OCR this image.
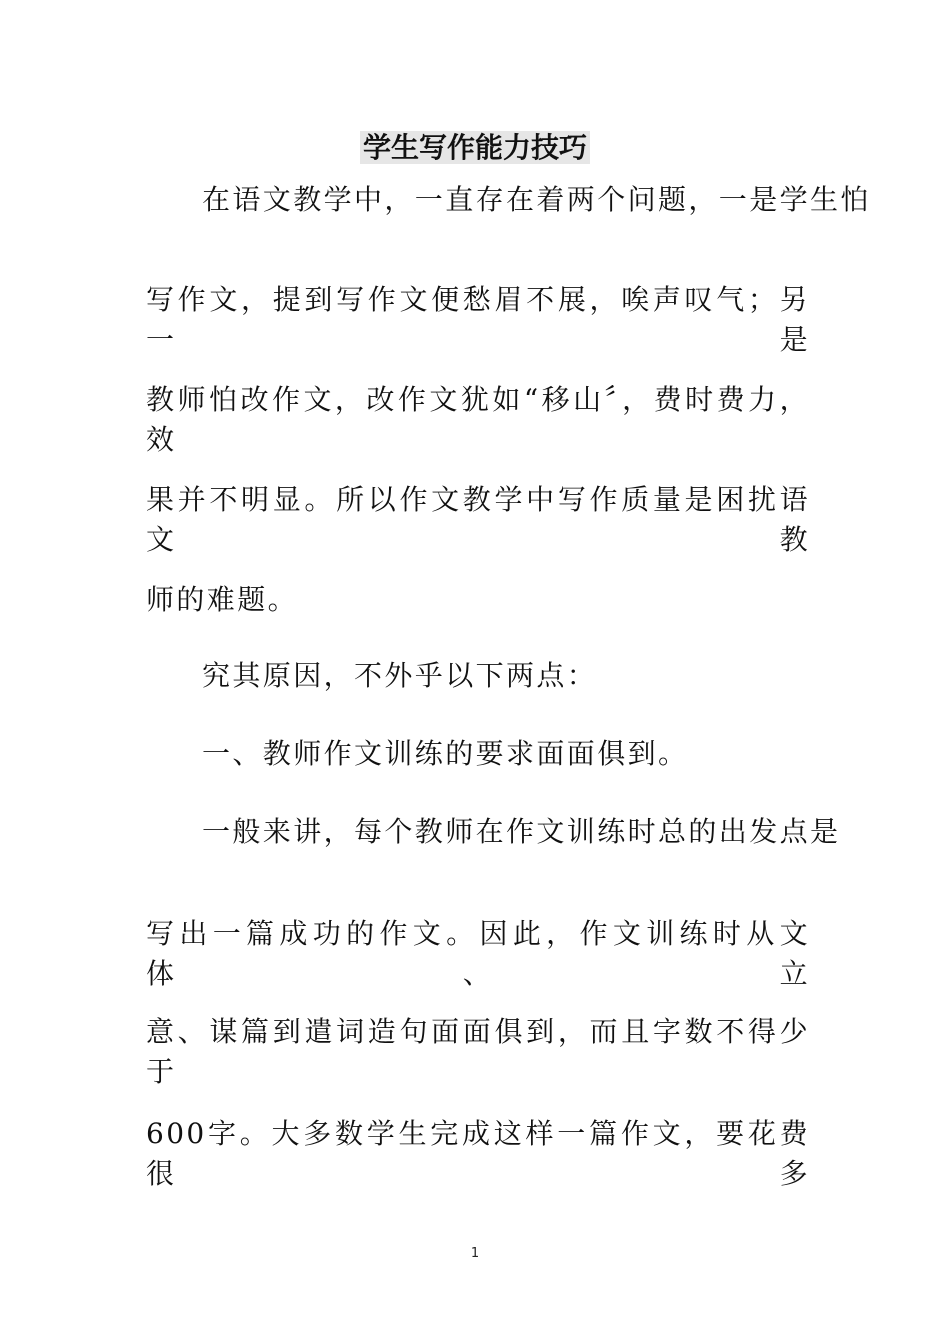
学生写作能力技巧
在语文教学中，一直存在着两个问题，一是学生怕
写作文，提到写作文便愁眉不展，唉声叹气；另一是
教师怕改作文，改作文犹如“移山〞，费时费力，效
果并不明显。所以作文教学中写作质量是困扰语文教
师的难题。
究其原因，不外乎以下两点：
一、教师作文训练的要求面面俱到。
一般来讲，每个教师在作文训练时总的出发点是
写出一篇成功的作文。因此，作文训练时从文体、立
意、谋篇到遣词造句面面俱到，而且字数不得少于
600字。大多数学生完成这样一篇作文，要花费很多
1
